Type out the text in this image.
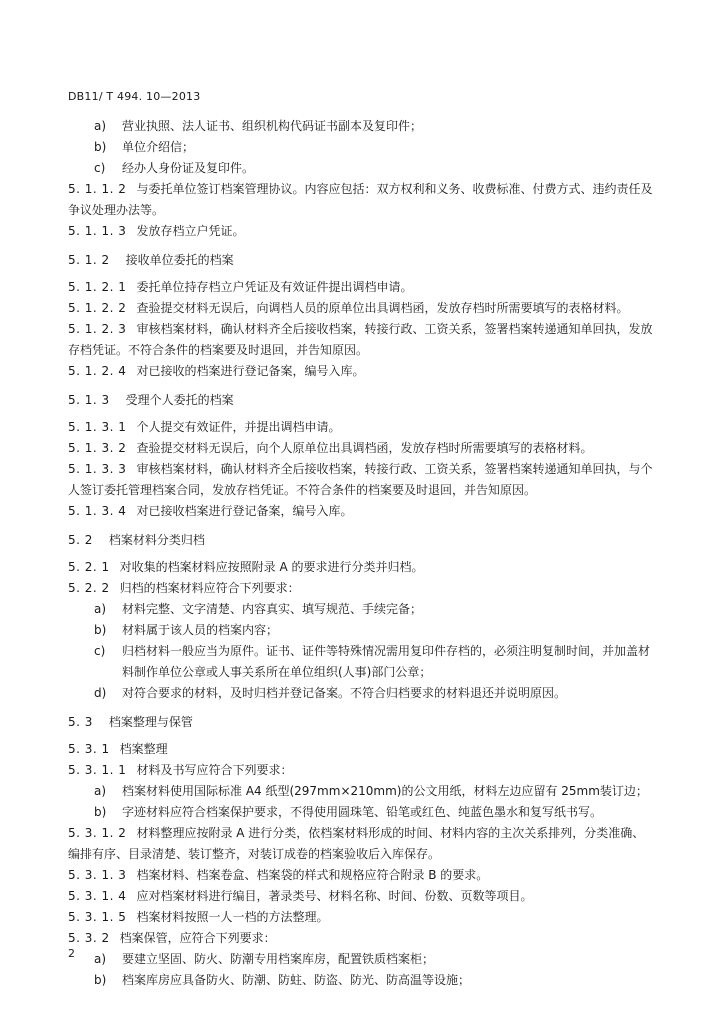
DB11/ T 494. 10—2013
a) 营业执照、法人证书、组织机构代码证书副本及复印件；
b) 单位介绍信；
c) 经办人身份证及复印件。
5. 1. 1. 2 与委托单位签订档案管理协议。内容应包括：双方权利和义务、收费标准、付费方式、违约责任及争议处理办法等。
5. 1. 1. 3 发放存档立户凭证。
5. 1. 2 接收单位委托的档案
5. 1. 2. 1 委托单位持存档立户凭证及有效证件提出调档申请。
5. 1. 2. 2 查验提交材料无误后，向调档人员的原单位出具调档函，发放存档时所需要填写的表格材料。
5. 1. 2. 3 审核档案材料，确认材料齐全后接收档案，转接行政、工资关系，签署档案转递通知单回执，发放存档凭证。不符合条件的档案要及时退回，并告知原因。
5. 1. 2. 4 对已接收的档案进行登记备案，编号入库。
5. 1. 3 受理个人委托的档案
5. 1. 3. 1 个人提交有效证件，并提出调档申请。
5. 1. 3. 2 查验提交材料无误后，向个人原单位出具调档函，发放存档时所需要填写的表格材料。
5. 1. 3. 3 审核档案材料，确认材料齐全后接收档案，转接行政、工资关系，签署档案转递通知单回执，与个人签订委托管理档案合同，发放存档凭证。不符合条件的档案要及时退回，并告知原因。
5. 1. 3. 4 对已接收档案进行登记备案，编号入库。
5. 2 档案材料分类归档
5. 2. 1 对收集的档案材料应按照附录 A 的要求进行分类并归档。
5. 2. 2 归档的档案材料应符合下列要求：
a) 材料完整、文字清楚、内容真实、填写规范、手续完备；
b) 材料属于该人员的档案内容；
c) 归档材料一般应当为原件。证书、证件等特殊情况需用复印件存档的，必须注明复制时间，并加盖材料制作单位公章或人事关系所在单位组织(人事)部门公章；
d) 对符合要求的材料，及时归档并登记备案。不符合归档要求的材料退还并说明原因。
5. 3 档案整理与保管
5. 3. 1 档案整理
5. 3. 1. 1 材料及书写应符合下列要求：
a) 档案材料使用国际标准 A4 纸型(297mm×210mm)的公文用纸，材料左边应留有 25mm装订边；
b) 字迹材料应符合档案保护要求，不得使用圆珠笔、铅笔或红色、纯蓝色墨水和复写纸书写。
5. 3. 1. 2 材料整理应按附录 A 进行分类，依档案材料形成的时间、材料内容的主次关系排列，分类准确、编排有序、目录清楚、装订整齐，对装订成卷的档案验收后入库保存。
5. 3. 1. 3 档案材料、档案卷盒、档案袋的样式和规格应符合附录 B 的要求。
5. 3. 1. 4 应对档案材料进行编目，著录类号、材料名称、时间、份数、页数等项目。
5. 3. 1. 5 档案材料按照一人一档的方法整理。
5. 3. 2 档案保管，应符合下列要求：
a) 要建立坚固、防火、防潮专用档案库房，配置铁质档案柜；
b) 档案库房应具备防火、防潮、防蛀、防盗、防光、防高温等设施；
2
